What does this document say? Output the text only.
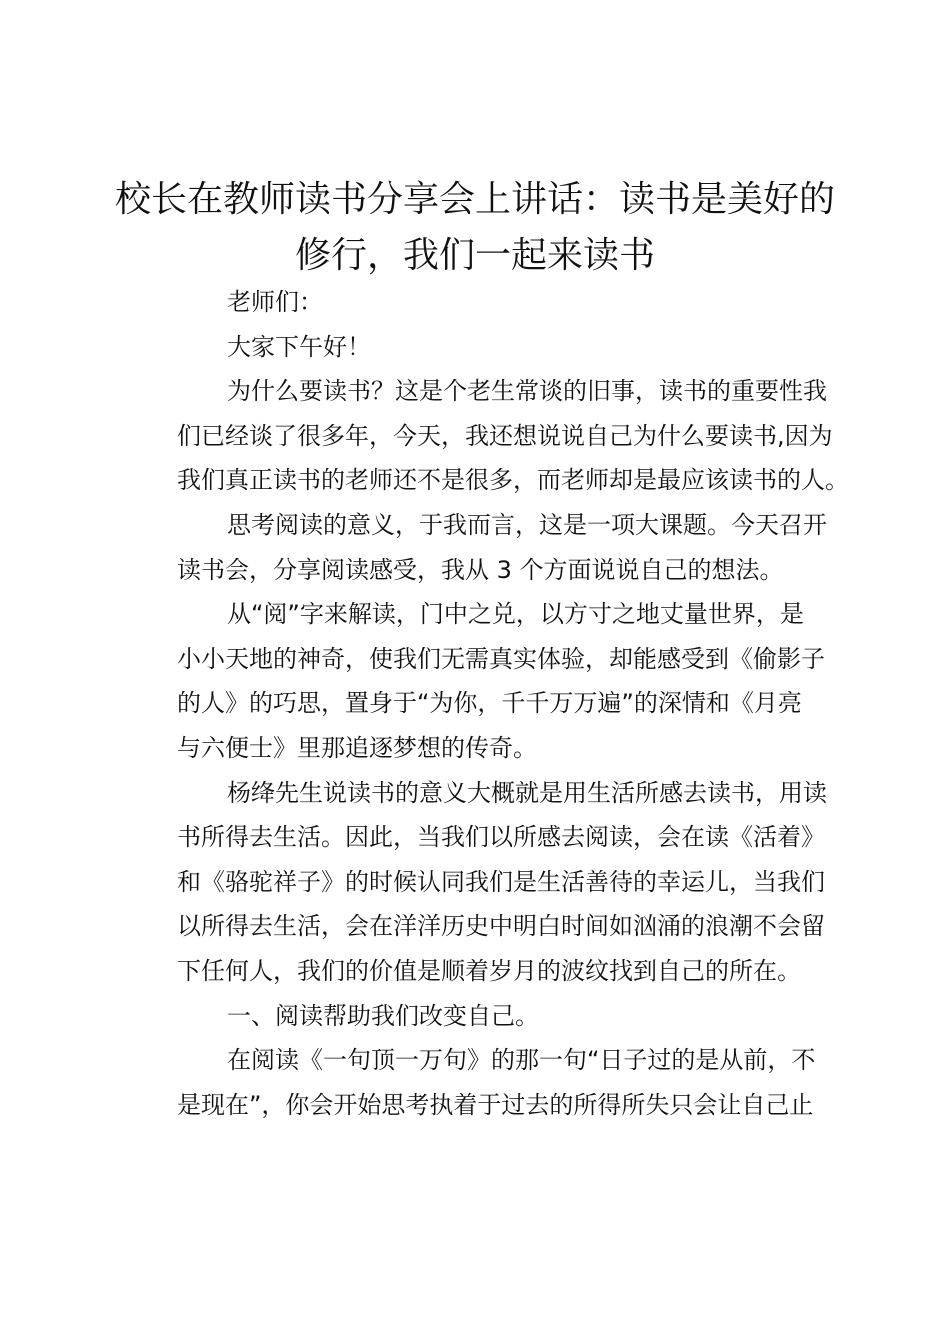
校长在教师读书分享会上讲话：读书是美好的
修行，我们一起来读书
老师们：
大家下午好！
为什么要读书？这是个老生常谈的旧事，读书的重要性我
们已经谈了很多年，今天，我还想说说自己为什么要读书,因为
我们真正读书的老师还不是很多，而老师却是最应该读书的人。
思考阅读的意义，于我而言，这是一项大课题。今天召开
读书会，分享阅读感受，我从 3 个方面说说自己的想法。
从“阅”字来解读，门中之兑，以方寸之地丈量世界，是
小小天地的神奇，使我们无需真实体验，却能感受到《偷影子
的人》的巧思，置身于“为你，千千万万遍”的深情和《月亮
与六便士》里那追逐梦想的传奇。
杨绛先生说读书的意义大概就是用生活所感去读书，用读
书所得去生活。因此，当我们以所感去阅读，会在读《活着》
和《骆驼祥子》的时候认同我们是生活善待的幸运儿，当我们
以所得去生活，会在洋洋历史中明白时间如汹涌的浪潮不会留
下任何人，我们的价值是顺着岁月的波纹找到自己的所在。
一、阅读帮助我们改变自己。
在阅读《一句顶一万句》的那一句“日子过的是从前，不
是现在”，你会开始思考执着于过去的所得所失只会让自己止
